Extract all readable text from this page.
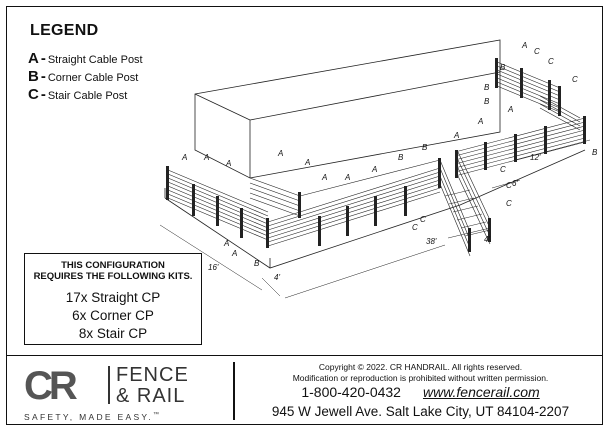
LEGEND
A - Straight Cable Post
B - Corner Cable Post
C - Stair Cable Post
A A
A
A
A
A A
A
B
B
A
A
A
A
C
C
B
C
B
B
B
C
C
C
C
C
A
A
B
16'
4'
38'	4'
12'
6'
THIS CONFIGURATION
REQUIRES THE FOLLOWING KITS.
17x Straight CP
6x Corner CP
8x Stair CP
CR FENCE
& RAIL
SAFETY, MADE EASY.™
Copyright © 2022. CR HANDRAIL. All rights reserved.
Modification or reproduction is prohibited without written permission.
1-800-420-0432 www.fencerail.com
945 W Jewell Ave. Salt Lake City, UT 84104-2207
